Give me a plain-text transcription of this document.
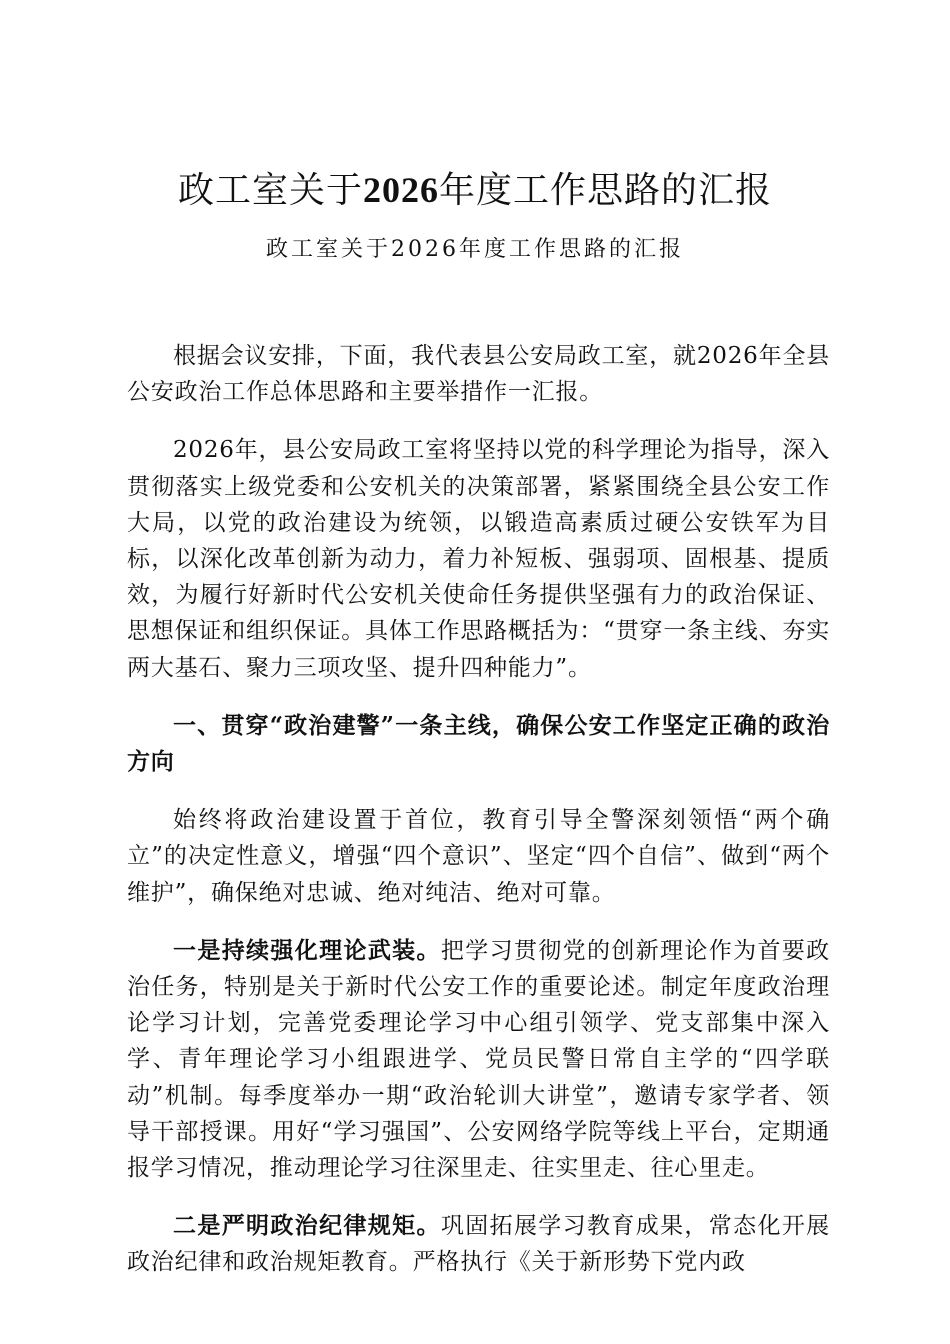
政工室关于2026年度工作思路的汇报
政工室关于2026年度工作思路的汇报

根据会议安排，下面，我代表县公安局政工室，就2026年全县公安政治工作总体思路和主要举措作一汇报。

2026年，县公安局政工室将坚持以党的科学理论为指导，深入贯彻落实上级党委和公安机关的决策部署，紧紧围绕全县公安工作大局，以党的政治建设为统领，以锻造高素质过硬公安铁军为目标，以深化改革创新为动力，着力补短板、强弱项、固根基、提质效，为履行好新时代公安机关使命任务提供坚强有力的政治保证、思想保证和组织保证。具体工作思路概括为：“贯穿一条主线、夯实两大基石、聚力三项攻坚、提升四种能力”。

一、贯穿“政治建警”一条主线，确保公安工作坚定正确的政治方向

始终将政治建设置于首位，教育引导全警深刻领悟“两个确立”的决定性意义，增强“四个意识”、坚定“四个自信”、做到“两个维护”，确保绝对忠诚、绝对纯洁、绝对可靠。

一是持续强化理论武装。把学习贯彻党的创新理论作为首要政治任务，特别是关于新时代公安工作的重要论述。制定年度政治理论学习计划，完善党委理论学习中心组引领学、党支部集中深入学、青年理论学习小组跟进学、党员民警日常自主学的“四学联动”机制。每季度举办一期“政治轮训大讲堂”，邀请专家学者、领导干部授课。用好“学习强国”、公安网络学院等线上平台，定期通报学习情况，推动理论学习往深里走、往实里走、往心里走。

二是严明政治纪律规矩。巩固拓展学习教育成果，常态化开展政治纪律和政治规矩教育。严格执行《关于新形势下党内政
